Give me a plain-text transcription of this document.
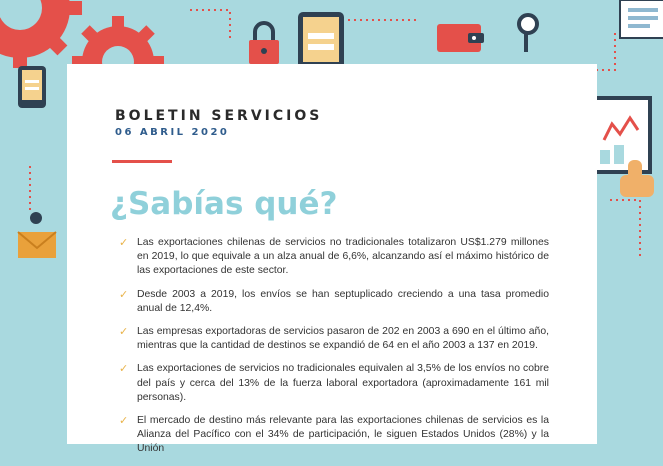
BOLETIN SERVICIOS

06 ABRIL 2020

¿Sabías qué?
✓ Las exportaciones chilenas de servicios no tradicionales totalizaron US$1.279 millones en 2019, lo que equivale a un alza anual de 6,6%, alcanzando así el máximo histórico de las exportaciones de este sector.
✓ Desde 2003 a 2019, los envíos se han septuplicado creciendo a una tasa promedio anual de 12,4%.
✓ Las empresas exportadoras de servicios pasaron de 202 en 2003 a 690 en el último año, mientras que la cantidad de destinos se expandió de 64 en el año 2003 a 137 en 2019.
✓ Las exportaciones de servicios no tradicionales equivalen al 3,5% de los envíos no cobre del país y cerca del 13% de la fuerza laboral exportadora (aproximadamente 161 mil personas).
✓ El mercado de destino más relevante para las exportaciones chilenas de servicios es la Alianza del Pacífico con el 34% de participación, le siguen Estados Unidos (28%) y la Unión
